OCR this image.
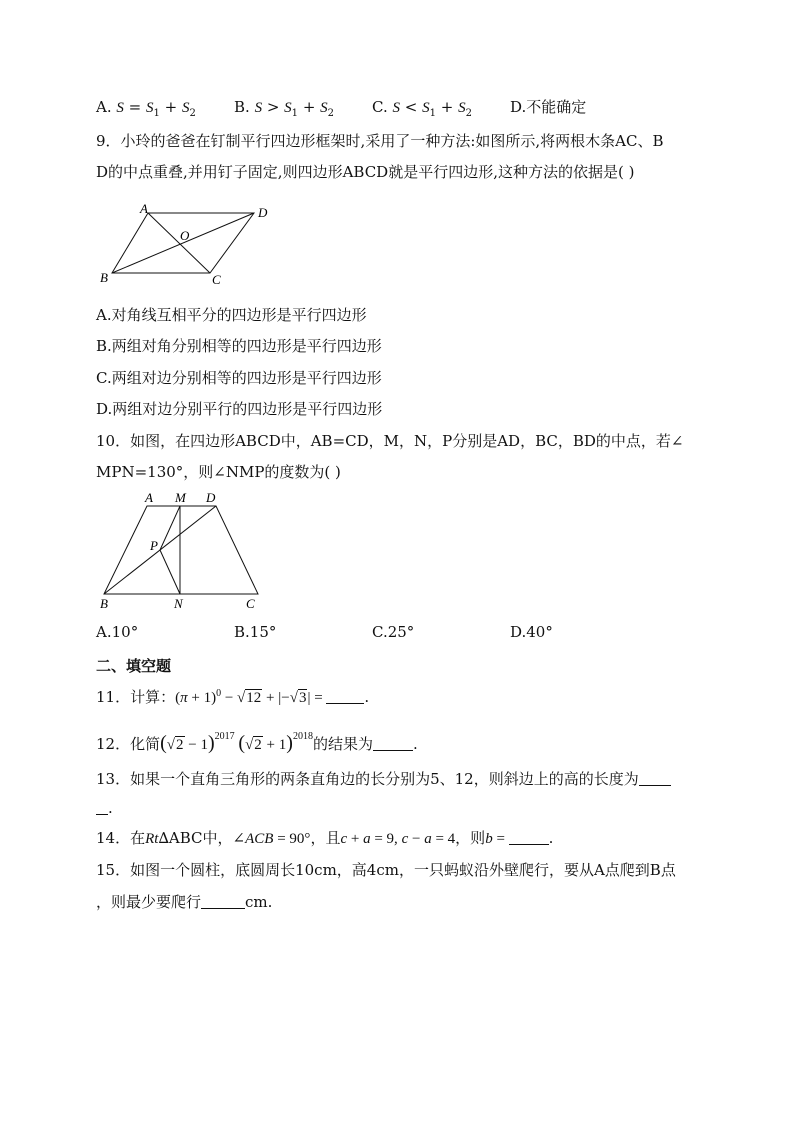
A. $S = S_1 + S_2$	B. $S > S_1 + S_2$	C. $S < S_1 + S_2$	D.不能确定
9．小玲的爸爸在钉制平行四边形框架时,采用了一种方法:如图所示,将两根木条AC、B
D的中点重叠,并用钉子固定,则四边形ABCD就是平行四边形,这种方法的依据是( )
A	D
O
B	C
A.对角线互相平分的四边形是平行四边形
B.两组对角分别相等的四边形是平行四边形
C.两组对边分别相等的四边形是平行四边形
D.两组对边分别平行的四边形是平行四边形
10．如图，在四边形ABCD中，AB=CD，M，N，P分别是AD，BC，BD的中点，若∠
MPN=130°，则∠NMP的度数为( )
A M D
P
B	N	C
A.10°	B.15°	C.25°	D.40°
二、填空题
11．计算：$(\pi + 1)^0 - √12 + |-√3|$ =	.
12．化简$(√2 - 1)^{2017}$ $(√2 + 1)^{2018}$的结果为	.
13．如果一个直角三角形的两条直角边的长分别为5、12，则斜边上的高的长度为
.
14．在Rt∆ABC中，∠ACB = 90°，且c + a = 9, c − a = 4，则b =	.
15．如图一个圆柱，底圆周长10cm，高4cm，一只蚂蚁沿外壁爬行，要从A点爬到B点
，则最少要爬行	cm.
